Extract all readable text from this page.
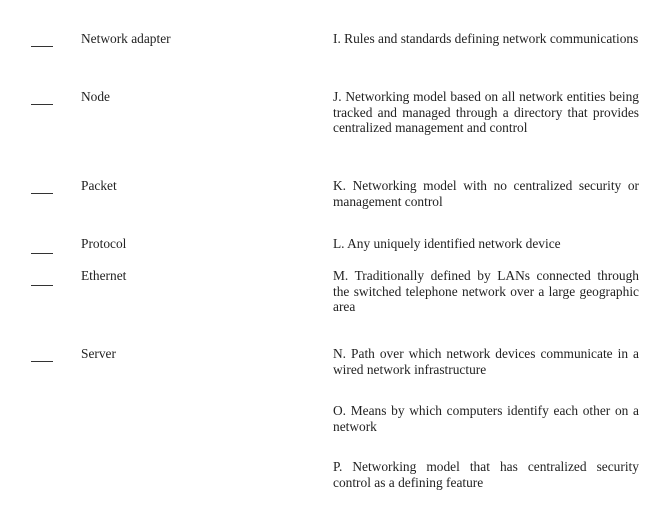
Network adapter
Node
Packet
Protocol
Ethernet
Server
I. Rules and standards defining network communications
J. Networking model based on all network entities being tracked and managed through a directory that provides centralized management and control
K. Networking model with no centralized security or management control
L. Any uniquely identified network device
M. Traditionally defined by LANs connected through the switched telephone network over a large geographic area
N. Path over which network devices communicate in a wired network infrastructure
O. Means by which computers identify each other on a network
P. Networking model that has centralized security control as a defining feature
